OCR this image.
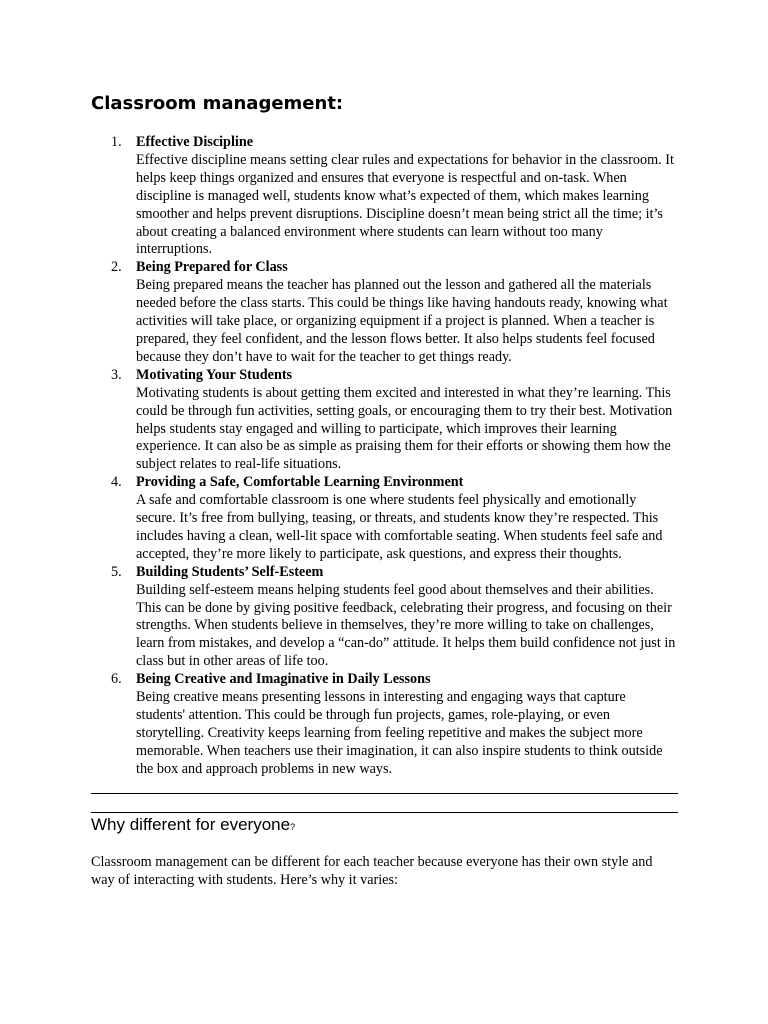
Classroom management:
1. Effective Discipline
Effective discipline means setting clear rules and expectations for behavior in the classroom. It helps keep things organized and ensures that everyone is respectful and on-task. When discipline is managed well, students know what’s expected of them, which makes learning smoother and helps prevent disruptions. Discipline doesn’t mean being strict all the time; it’s about creating a balanced environment where students can learn without too many interruptions.
2. Being Prepared for Class
Being prepared means the teacher has planned out the lesson and gathered all the materials needed before the class starts. This could be things like having handouts ready, knowing what activities will take place, or organizing equipment if a project is planned. When a teacher is prepared, they feel confident, and the lesson flows better. It also helps students feel focused because they don’t have to wait for the teacher to get things ready.
3. Motivating Your Students
Motivating students is about getting them excited and interested in what they’re learning. This could be through fun activities, setting goals, or encouraging them to try their best. Motivation helps students stay engaged and willing to participate, which improves their learning experience. It can also be as simple as praising them for their efforts or showing them how the subject relates to real-life situations.
4. Providing a Safe, Comfortable Learning Environment
A safe and comfortable classroom is one where students feel physically and emotionally secure. It’s free from bullying, teasing, or threats, and students know they’re respected. This includes having a clean, well-lit space with comfortable seating. When students feel safe and accepted, they’re more likely to participate, ask questions, and express their thoughts.
5. Building Students’ Self-Esteem
Building self-esteem means helping students feel good about themselves and their abilities. This can be done by giving positive feedback, celebrating their progress, and focusing on their strengths. When students believe in themselves, they’re more willing to take on challenges, learn from mistakes, and develop a “can-do” attitude. It helps them build confidence not just in class but in other areas of life too.
6. Being Creative and Imaginative in Daily Lessons
Being creative means presenting lessons in interesting and engaging ways that capture students' attention. This could be through fun projects, games, role-playing, or even storytelling. Creativity keeps learning from feeling repetitive and makes the subject more memorable. When teachers use their imagination, it can also inspire students to think outside the box and approach problems in new ways.
Why different for everyone?

Classroom management can be different for each teacher because everyone has their own style and way of interacting with students. Here’s why it varies:
